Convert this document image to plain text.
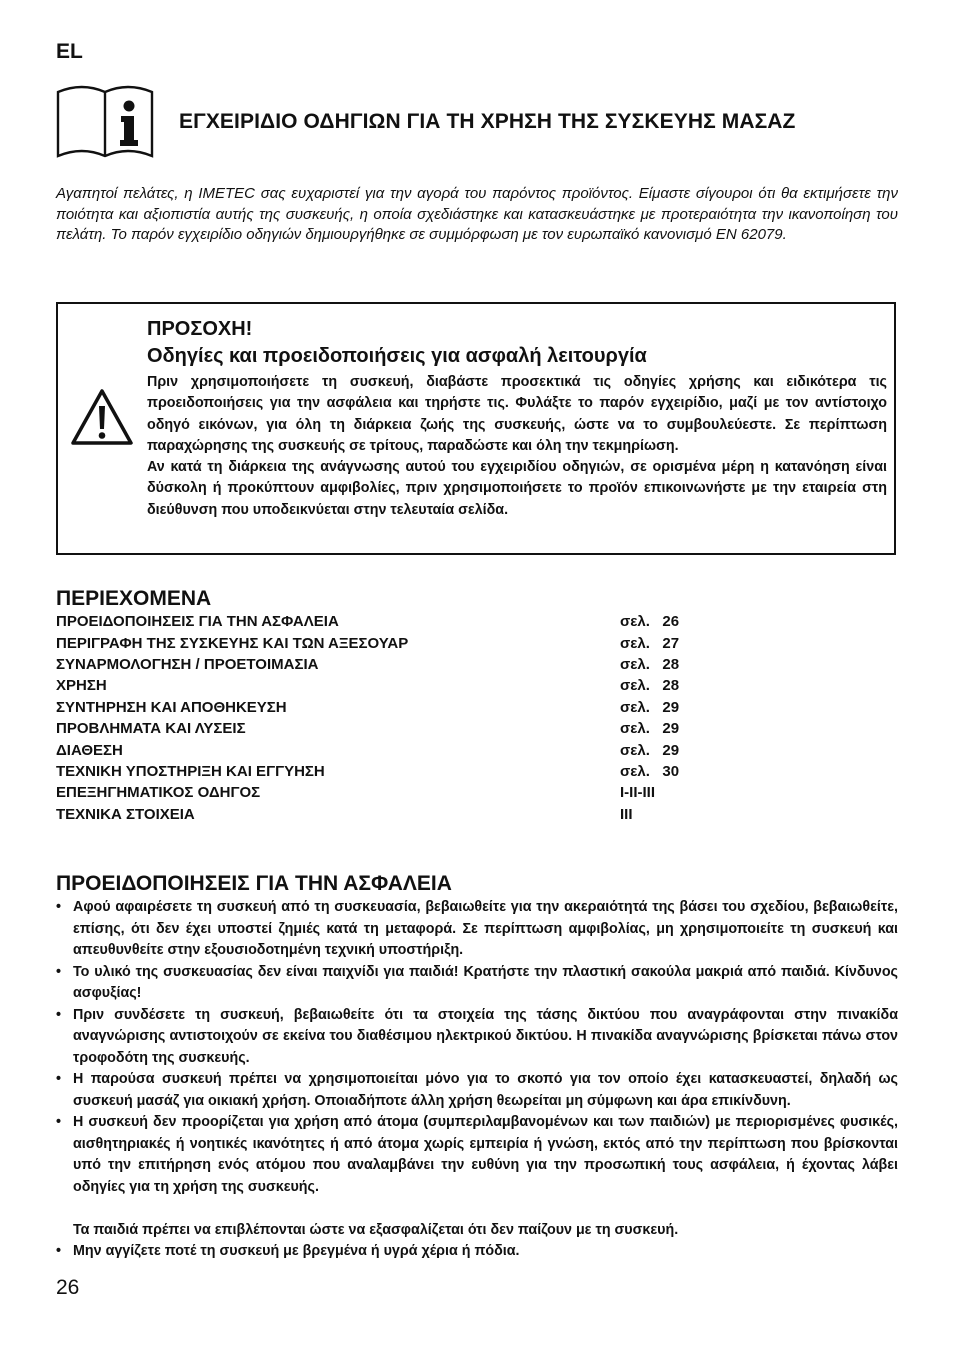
EL
ΕΓΧΕΙΡΙΔΙΟ ΟΔΗΓΙΩΝ ΓΙΑ ΤΗ ΧΡΗΣΗ ΤΗΣ ΣΥΣΚΕΥΗΣ ΜΑΣΑΖ
Αγαπητοί πελάτες, η IMETEC σας ευχαριστεί για την αγορά του παρόντος προϊόντος. Είμαστε σίγουροι ότι θα εκτιμήσετε την ποιότητα και αξιοπιστία αυτής της συσκευής, η οποία σχεδιάστηκε και κατασκευάστηκε με προτεραιότητα την ικανοποίηση του πελάτη. Το παρόν εγχειρίδιο οδηγιών δημιουργήθηκε σε συμμόρφωση με τον ευρωπαϊκό κανονισμό EN 62079.
ΠΡΟΣΟΧΗ!
Οδηγίες και προειδοποιήσεις για ασφαλή λειτουργία

Πριν χρησιμοποιήσετε τη συσκευή, διαβάστε προσεκτικά τις οδηγίες χρήσης και ειδικότερα τις προειδοποιήσεις για την ασφάλεια και τηρήστε τις. Φυλάξτε το παρόν εγχειρίδιο, μαζί με τον αντίστοιχο οδηγό εικόνων, για όλη τη διάρκεια ζωής της συσκευής, ώστε να το συμβουλεύεστε. Σε περίπτωση παραχώρησης της συσκευής σε τρίτους, παραδώστε και όλη την τεκμηρίωση.

Αν κατά τη διάρκεια της ανάγνωσης αυτού του εγχειριδίου οδηγιών, σε ορισμένα μέρη η κατανόηση είναι δύσκολη ή προκύπτουν αμφιβολίες, πριν χρησιμοποιήσετε το προϊόν επικοινωνήστε με την εταιρεία στη διεύθυνση που υποδεικνύεται στην τελευταία σελίδα.

ΠΕΡΙΕΧΟΜΕΝΑ
ΠΡΟΕΙΔΟΠΟΙΗΣΕΙΣ ΓΙΑ ΤΗΝ ΑΣΦΑΛΕΙΑ	σελ.   26
ΠΕΡΙΓΡΑΦΗ ΤΗΣ ΣΥΣΚΕΥΗΣ ΚΑΙ ΤΩΝ ΑΞΕΣΟΥΑΡ	σελ.   27
ΣΥΝΑΡΜΟΛΟΓΗΣΗ / ΠΡΟΕΤΟΙΜΑΣΙΑ	σελ.   28
ΧΡΗΣΗ	σελ.   28
ΣΥΝΤΗΡΗΣΗ ΚΑΙ ΑΠΟΘΗΚΕΥΣΗ	σελ.   29
ΠΡΟΒΛΗΜΑΤΑ ΚΑΙ ΛΥΣΕΙΣ	σελ.   29
ΔΙΑΘΕΣΗ	σελ.   29
ΤΕΧΝΙΚΗ ΥΠΟΣΤΗΡΙΞΗ ΚΑΙ ΕΓΓΥΗΣΗ	σελ.   30
ΕΠΕΞΗΓΗΜΑΤΙΚΟΣ ΟΔΗΓΟΣ	I-II-III
ΤΕΧΝΙΚΑ ΣΤΟΙΧΕΙΑ	III
ΠΡΟΕΙΔΟΠΟΙΗΣΕΙΣ ΓΙΑ ΤΗΝ ΑΣΦΑΛΕΙΑ
• Αφού αφαιρέσετε τη συσκευή από τη συσκευασία, βεβαιωθείτε για την ακεραιότητά της βάσει του σχεδίου, βεβαιωθείτε, επίσης, ότι δεν έχει υποστεί ζημιές κατά τη μεταφορά. Σε περίπτωση αμφιβολίας, μη χρησιμοποιείτε τη συσκευή και απευθυνθείτε στην εξουσιοδοτημένη τεχνική υποστήριξη.
• Το υλικό της συσκευασίας δεν είναι παιχνίδι για παιδιά! Κρατήστε την πλαστική σακούλα μακριά από παιδιά. Κίνδυνος ασφυξίας!
• Πριν συνδέσετε τη συσκευή, βεβαιωθείτε ότι τα στοιχεία της τάσης δικτύου που αναγράφονται στην πινακίδα αναγνώρισης αντιστοιχούν σε εκείνα του διαθέσιμου ηλεκτρικού δικτύου. Η πινακίδα αναγνώρισης βρίσκεται πάνω στον τροφοδότη της συσκευής.
• Η παρούσα συσκευή πρέπει να χρησιμοποιείται μόνο για το σκοπό για τον οποίο έχει κατασκευαστεί, δηλαδή ως συσκευή μασάζ για οικιακή χρήση. Οποιαδήποτε άλλη χρήση θεωρείται μη σύμφωνη και άρα επικίνδυνη.
• Η συσκευή δεν προορίζεται για χρήση από άτομα (συμπεριλαμβανομένων και των παιδιών) με περιορισμένες φυσικές, αισθητηριακές ή νοητικές ικανότητες ή από άτομα χωρίς εμπειρία ή γνώση, εκτός από την περίπτωση που βρίσκονται υπό την επιτήρηση ενός ατόμου που αναλαμβάνει την ευθύνη για την προσωπική τους ασφάλεια, ή έχοντας λάβει οδηγίες για τη χρήση της συσκευής.
Τα παιδιά πρέπει να επιβλέπονται ώστε να εξασφαλίζεται ότι δεν παίζουν με τη συσκευή.
• Μην αγγίζετε ποτέ τη συσκευή με βρεγμένα ή υγρά χέρια ή πόδια.
26
